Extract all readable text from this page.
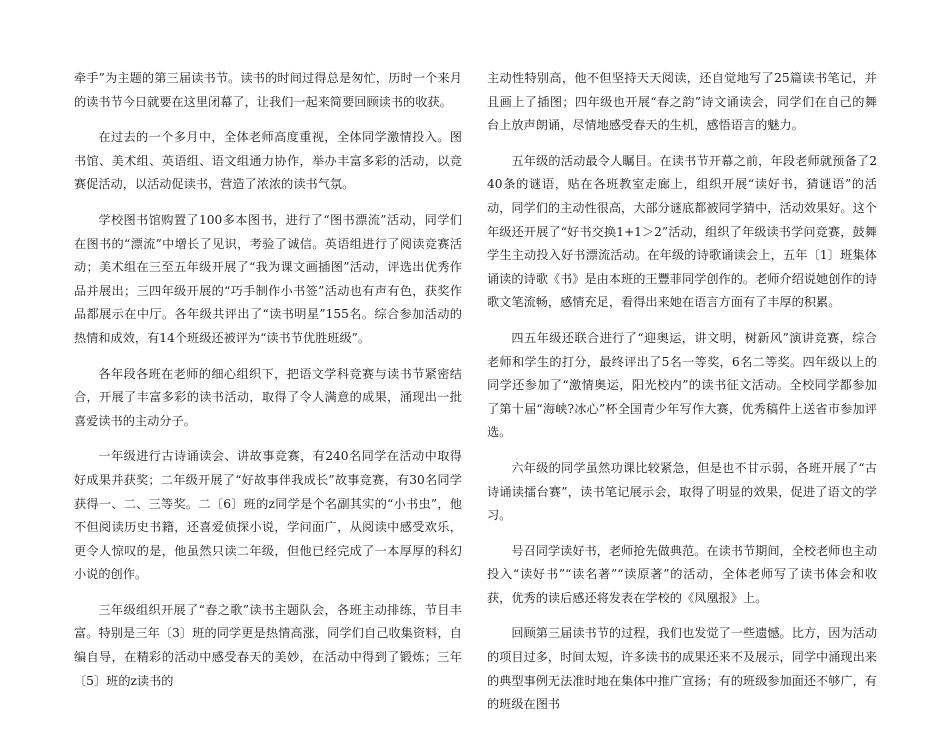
牵手”为主题的第三届读书节。读书的时间过得总是匆忙，历时一个来月的读书节今日就要在这里闭幕了，让我们一起来简要回顾读书的收获。

在过去的一个多月中，全体老师高度重视，全体同学激情投入。图书馆、美术组、英语组、语文组通力协作，举办丰富多彩的活动，以竞赛促活动，以活动促读书，营造了浓浓的读书气氛。

学校图书馆购置了100多本图书，进行了“图书漂流”活动，同学们在图书的“漂流”中增长了见识，考验了诚信。英语组进行了阅读竞赛活动；美术组在三至五年级开展了“我为课文画插图”活动，评选出优秀作品并展出；三四年级开展的“巧手制作小书签”活动也有声有色，获奖作品都展示在中厅。各年级共评出了“读书明星”155名。综合参加活动的热情和成效，有14个班级还被评为“读书节优胜班级”。

各年段各班在老师的细心组织下，把语文学科竞赛与读书节紧密结合，开展了丰富多彩的读书活动，取得了令人满意的成果，涌现出一批喜爱读书的主动分子。

一年级进行古诗诵读会、讲故事竞赛，有240名同学在活动中取得好成果并获奖；二年级开展了“好故事伴我成长”故事竞赛，有30名同学获得一、二、三等奖。二〔6〕班的z同学是个名副其实的“小书虫”，他不但阅读历史书籍，还喜爱侦探小说，学问面广，从阅读中感受欢乐，更令人惊叹的是，他虽然只读二年级，但他已经完成了一本厚厚的科幻小说的创作。

三年级组织开展了“春之歌”读书主题队会，各班主动排练，节目丰富。特别是三年〔3〕班的同学更是热情高涨，同学们自己收集资料，自编自导，在精彩的活动中感受春天的美妙，在活动中得到了锻炼；三年〔5〕班的z读书的

主动性特别高，他不但坚持天天阅读，还自觉地写了25篇读书笔记，并且画上了插图；四年级也开展“春之韵”诗文诵读会，同学们在自己的舞台上放声朗诵，尽情地感受春天的生机，感悟语言的魅力。

五年级的活动最令人瞩目。在读书节开幕之前，年段老师就预备了240条的谜语，贴在各班教室走廊上，组织开展“读好书，猜谜语”的活动，同学们的主动性很高，大部分谜底都被同学猜中，活动效果好。这个年级还开展了“好书交换1+1＞2”活动，组织了年级读书学问竞赛，鼓舞学生主动投入好书漂流活动。在年级的诗歌诵读会上，五年〔1〕班集体诵读的诗歌《书》是由本班的王豐菲同学创作的。老师介绍说她创作的诗歌文笔流畅，感情充足，看得出来她在语言方面有了丰厚的积累。

四五年级还联合进行了“迎奥运，讲文明，树新风”演讲竞赛，综合老师和学生的打分，最终评出了5名一等奖，6名二等奖。四年级以上的同学还参加了“激情奥运，阳光校内”的读书征文活动。全校同学都参加了第十届“海峡?冰心”杯全国青少年写作大赛，优秀稿件上送省市参加评选。

六年级的同学虽然功课比较紧急，但是也不甘示弱，各班开展了“古诗诵读擂台赛”，读书笔记展示会，取得了明显的效果，促进了语文的学习。

号召同学读好书，老师抢先做典范。在读书节期间，全校老师也主动投入“读好书”“读名著”“读原著”的活动，全体老师写了读书体会和收获，优秀的读后感还将发表在学校的《凤凰报》上。

回顾第三届读书节的过程，我们也发觉了一些遗憾。比方，因为活动的项目过多，时间太短，许多读书的成果还来不及展示，同学中涌现出来的典型事例无法准时地在集体中推广宣扬；有的班级参加面还不够广，有的班级在图书
